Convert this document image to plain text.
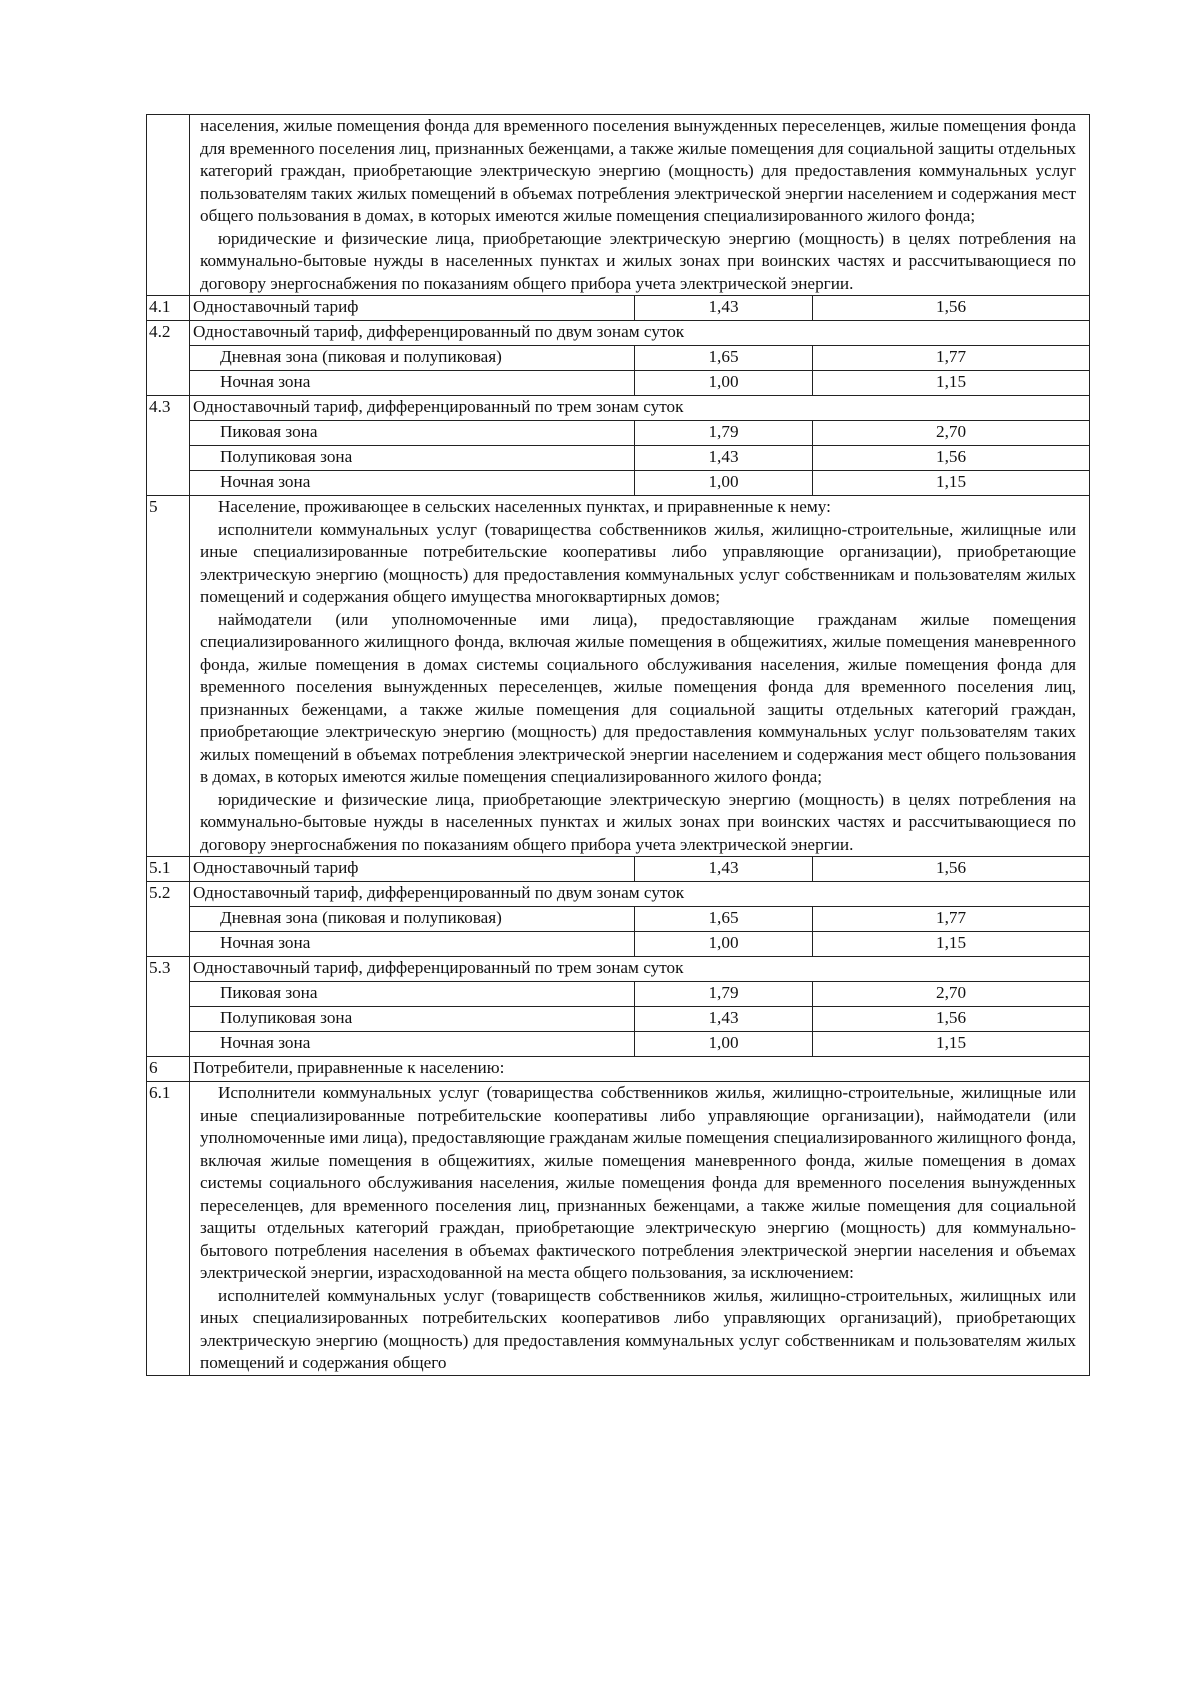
	населения, жилые помещения фонда для временного поселения вынужденных переселенцев, жилые помещения фонда для временного поселения лиц, признанных беженцами, а также жилые помещения для социальной защиты отдельных категорий граждан, приобретающие электрическую энергию (мощность) для предоставления коммунальных услуг пользователям таких жилых помещений в объемах потребления электрической энергии населением и содержания мест общего пользования в домах, в которых имеются жилые помещения специализированного жилого фонда;

юридические и физические лица, приобретающие электрическую энергию (мощность) в целях потребления на коммунально-бытовые нужды в населенных пунктах и жилых зонах при воинских частях и рассчитывающиеся по договору энергоснабжения по показаниям общего прибора учета электрической энергии.		

4.1	Одноставочный тариф	1,43	1,56
4.2	Одноставочный тариф, дифференцированный по двум зонам суток		
	Дневная зона (пиковая и полупиковая)	1,65	1,77
	Ночная зона	1,00	1,15
4.3	Одноставочный тариф, дифференцированный по трем зонам суток		
	Пиковая зона	1,79	2,70
	Полупиковая зона	1,43	1,56
	Ночная зона	1,00	1,15
5	Население, проживающее в сельских населенных пунктах, и приравненные к нему:

исполнители коммунальных услуг (товарищества собственников жилья, жилищно-строительные, жилищные или иные специализированные потребительские кооперативы либо управляющие организации), приобретающие электрическую энергию (мощность) для предоставления коммунальных услуг собственникам и пользователям жилых помещений и содержания общего имущества многоквартирных домов;

наймодатели (или уполномоченные ими лица), предоставляющие гражданам жилые помещения специализированного жилищного фонда, включая жилые помещения в общежитиях, жилые помещения маневренного фонда, жилые помещения в домах системы социального обслуживания населения, жилые помещения фонда для временного поселения вынужденных переселенцев, жилые помещения фонда для временного поселения лиц, признанных беженцами, а также жилые помещения для социальной защиты отдельных категорий граждан, приобретающие электрическую энергию (мощность) для предоставления коммунальных услуг пользователям таких жилых помещений в объемах потребления электрической энергии населением и содержания мест общего пользования в домах, в которых имеются жилые помещения специализированного жилого фонда;

юридические и физические лица, приобретающие электрическую энергию (мощность) в целях потребления на коммунально-бытовые нужды в населенных пунктах и жилых зонах при воинских частях и рассчитывающиеся по договору энергоснабжения по показаниям общего прибора учета электрической энергии.		

5.1	Одноставочный тариф	1,43	1,56
5.2	Одноставочный тариф, дифференцированный по двум зонам суток		
	Дневная зона (пиковая и полупиковая)	1,65	1,77
	Ночная зона	1,00	1,15
5.3	Одноставочный тариф, дифференцированный по трем зонам суток		
	Пиковая зона	1,79	2,70
	Полупиковая зона	1,43	1,56
	Ночная зона	1,00	1,15
6	Потребители, приравненные к населению:		
6.1	Исполнители коммунальных услуг (товарищества собственников жилья, жилищно-строительные, жилищные или иные специализированные потребительские кооперативы либо управляющие организации), наймодатели (или уполномоченные ими лица), предоставляющие гражданам жилые помещения специализированного жилищного фонда, включая жилые помещения в общежитиях, жилые помещения маневренного фонда, жилые помещения в домах системы социального обслуживания населения, жилые помещения фонда для временного поселения вынужденных переселенцев, для временного поселения лиц, признанных беженцами, а также жилые помещения для социальной защиты отдельных категорий граждан, приобретающие электрическую энергию (мощность) для коммунально-бытового потребления населения в объемах фактического потребления электрической энергии населения и объемах электрической энергии, израсходованной на места общего пользования, за исключением:

исполнителей коммунальных услуг (товариществ собственников жилья, жилищно-строительных, жилищных или иных специализированных потребительских кооперативов либо управляющих организаций), приобретающих электрическую энергию (мощность) для предоставления коммунальных услуг собственникам и пользователям жилых помещений и содержания общего		
